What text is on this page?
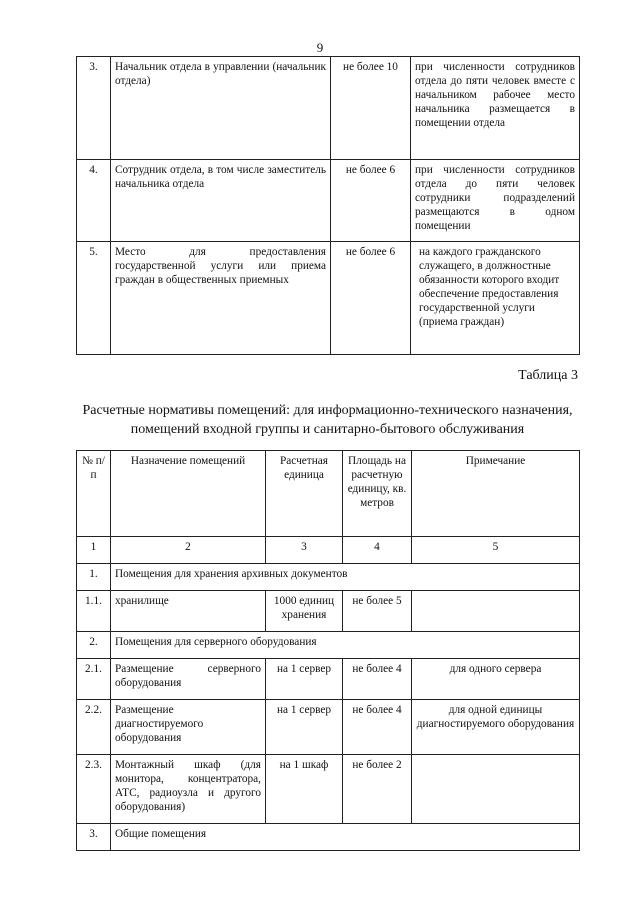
9
3.	Начальник отдела в управлении (начальник отдела)	не более 10	при численности сотрудников отдела до пяти человек вместе с начальником рабочее место начальника размещается в помещении отдела
4.	Сотрудник отдела, в том числе заместитель начальника отдела	не более 6	при численности сотрудников отдела до пяти человек сотрудники подразделений размещаются в одном помещении
5.	Место для предоставления государственной услуги или приема граждан в общественных приемных	не более 6	на каждого гражданского служащего, в должностные обязанности которого входит обеспечение предоставления государственной услуги (приема граждан)
Таблица 3
Расчетные нормативы помещений: для информационно-технического назначения, помещений входной группы и санитарно-бытового обслуживания
№ п/п	Назначение помещений	Расчетная единица	Площадь на расчетную единицу, кв. метров	Примечание
1	2	3	4	5
1.	Помещения для хранения архивных документов			
1.1.	хранилище	1000 единиц хранения	не более 5	
2.	Помещения для серверного оборудования			
2.1.	Размещение серверного оборудования	на 1 сервер	не более 4	для одного сервера
2.2.	Размещение диагностируемого оборудования	на 1 сервер	не более 4	для одной единицы диагностируемого оборудования
2.3.	Монтажный шкаф (для монитора, концентратора, АТС, радиоузла и другого оборудования)	на 1 шкаф	не более 2	
3.	Общие помещения			
